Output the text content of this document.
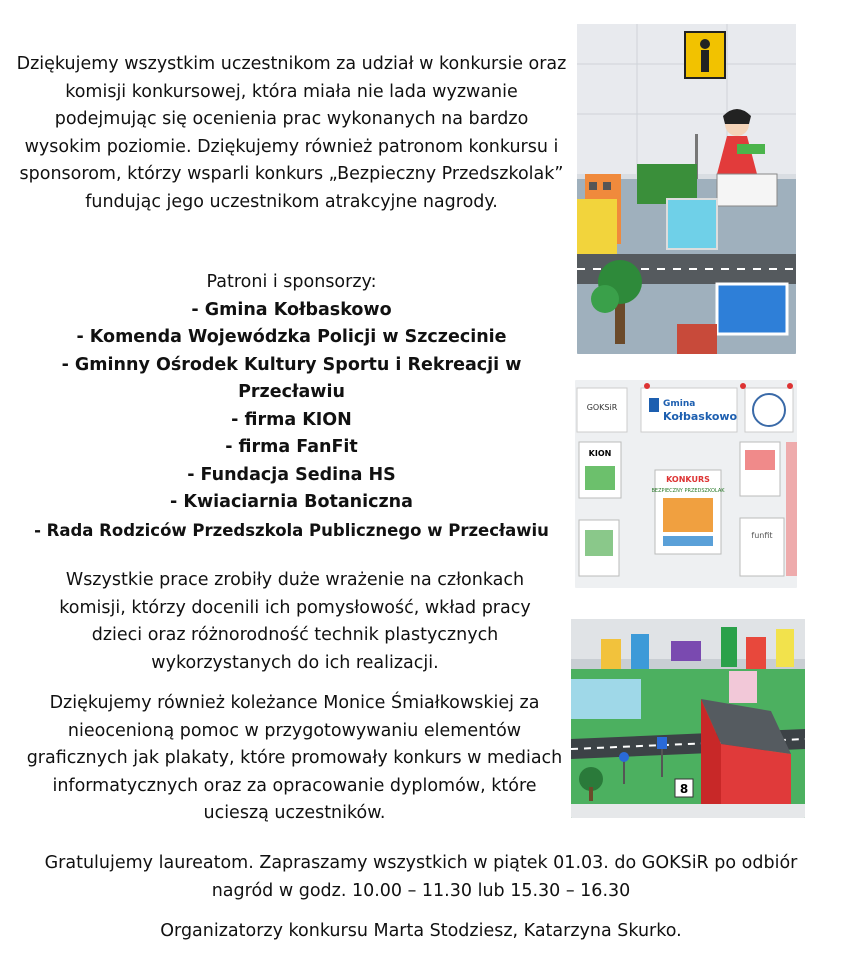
Dziękujemy wszystkim uczestnikom za udział w konkursie oraz komisji konkursowej, która miała nie lada wyzwanie podejmując się ocenienia prac wykonanych na bardzo wysokim poziomie. Dziękujemy również patronom konkursu i sponsorom, którzy wsparli konkurs „Bezpieczny Przedszkolak” fundując jego uczestnikom atrakcyjne nagrody.

Patroni i sponsorzy:

- Gmina Kołbaskowo

- Komenda Wojewódzka Policji w Szczecinie

- Gminny Ośrodek Kultury Sportu i Rekreacji w Przecławiu

- firma KION

- firma FanFit

- Fundacja Sedina HS

- Kwiaciarnia Botaniczna

- Rada Rodziców Przedszkola Publicznego w Przecławiu

Wszystkie prace zrobiły duże wrażenie na członkach komisji, którzy docenili ich pomysłowość, wkład pracy dzieci oraz różnorodność technik plastycznych wykorzystanych do ich realizacji.

Dziękujemy również koleżance Monice Śmiałkowskiej za nieocenioną pomoc w przygotowywaniu elementów graficznych jak plakaty, które promowały konkurs w mediach informatycznych oraz za opracowanie dyplomów, które ucieszą uczestników.

Gratulujemy laureatom. Zapraszamy wszystkich w piątek 01.03. do GOKSiR po odbiór nagród w godz. 10.00 – 11.30 lub 15.30 – 16.30

Organizatorzy konkursu Marta Stodziesz, Katarzyna Skurko.

GOKSiR	Gmina
Kołbaskowo
KION
KONKURS
BEZPIECZNY PRZEDSZKOLAK
funfit
8
